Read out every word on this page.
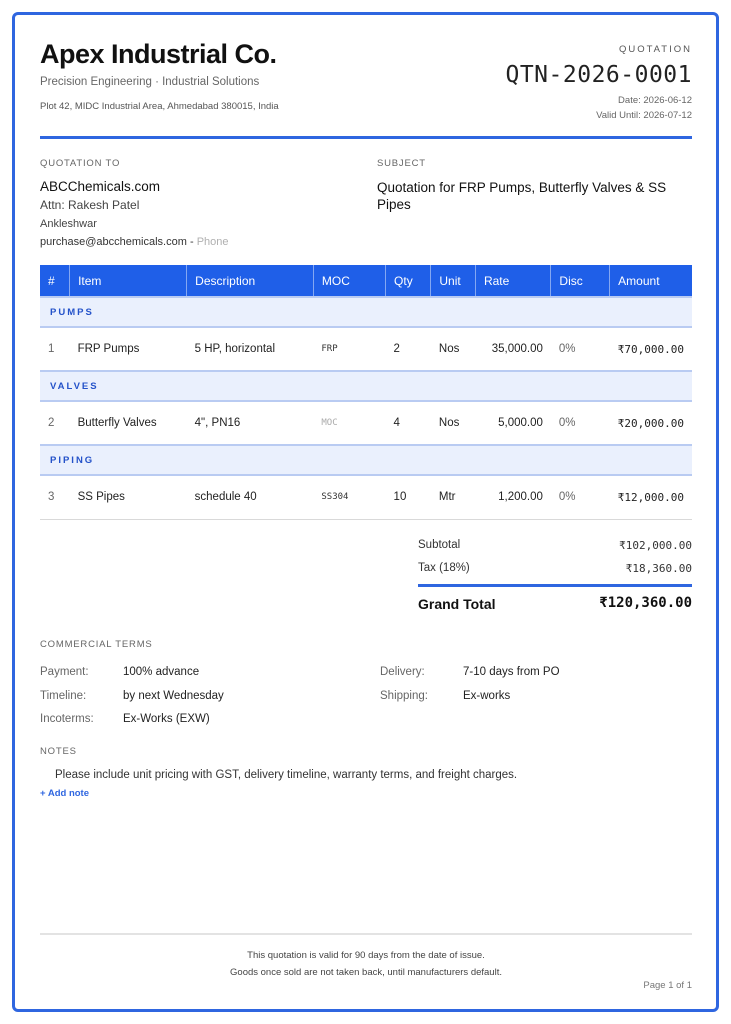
Apex Industrial Co.
Precision Engineering · Industrial Solutions
Plot 42, MIDC Industrial Area, Ahmedabad 380015, India
QUOTATION
QTN-2026-0001
Date: 2026-06-12
Valid Until: 2026-07-12
QUOTATION TO	SUBJECT
ABCChemicals.com
Attn: Rakesh Patel
Ankleshwar
purchase@abcchemicals.com - Phone
Quotation for FRP Pumps, Butterfly Valves & SS Pipes
#	Item	Description	MOC	Qty	Unit	Rate	Disc	Amount
PUMPS								
1	FRP Pumps	5 HP, horizontal	FRP	2	Nos	35,000.00	0%	₹70,000.00
VALVES								
2	Butterfly Valves	4", PN16	MOC	4	Nos	5,000.00	0%	₹20,000.00
PIPING								
3	SS Pipes	schedule 40	SS304	10	Mtr	1,200.00	0%	₹12,000.00
Subtotal	₹102,000.00
Tax (18%)	₹18,360.00
Grand Total	₹120,360.00
COMMERCIAL TERMS
Payment:	100% advance
Timeline:	by next Wednesday
Incoterms:	Ex-Works (EXW)
Delivery:	7-10 days from PO
Shipping:	Ex-works
NOTES
Please include unit pricing with GST, delivery timeline, warranty terms, and freight charges.
+ Add note
This quotation is valid for 90 days from the date of issue.
Goods once sold are not taken back, until manufacturers default.
Page 1 of 1
